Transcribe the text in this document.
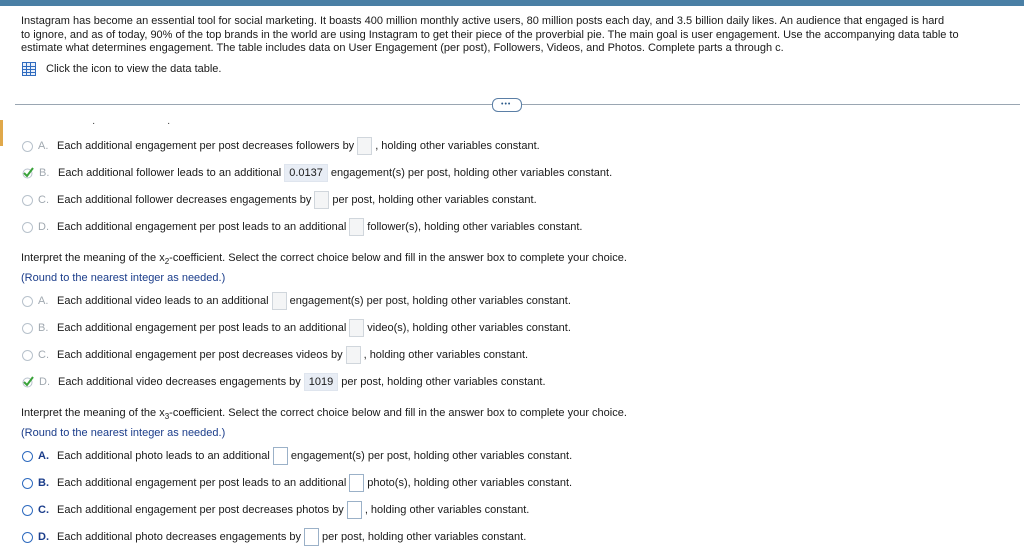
Instagram has become an essential tool for social marketing. It boasts 400 million monthly active users, 80 million posts each day, and 3.5 billion daily likes. An audience that engaged is hard

to ignore, and as of today, 90% of the top brands in the world are using Instagram to get their piece of the proverbial pie. The main goal is user engagement. Use the accompanying data table to

estimate what determines engagement. The table includes data on User Engagement (per post), Followers, Videos, and Photos. Complete parts a through c.

Click the icon to view the data table.
•••
·	·
A. Each additional engagement per post decreases followers by , holding other variables constant.
B. Each additional follower leads to an additional 0.0137 engagement(s) per post, holding other variables constant.
C. Each additional follower decreases engagements by per post, holding other variables constant.
D. Each additional engagement per post leads to an additional follower(s), holding other variables constant.
Interpret the meaning of the $x_2$-coefficient. Select the correct choice below and fill in the answer box to complete your choice.
(Round to the nearest integer as needed.)
A. Each additional video leads to an additional engagement(s) per post, holding other variables constant.
B. Each additional engagement per post leads to an additional video(s), holding other variables constant.
C. Each additional engagement per post decreases videos by , holding other variables constant.
D. Each additional video decreases engagements by 1019 per post, holding other variables constant.
Interpret the meaning of the $x_3$-coefficient. Select the correct choice below and fill in the answer box to complete your choice.
(Round to the nearest integer as needed.)
A. Each additional photo leads to an additional engagement(s) per post, holding other variables constant.
B. Each additional engagement per post leads to an additional photo(s), holding other variables constant.
C. Each additional engagement per post decreases photos by , holding other variables constant.
D. Each additional photo decreases engagements by per post, holding other variables constant.
